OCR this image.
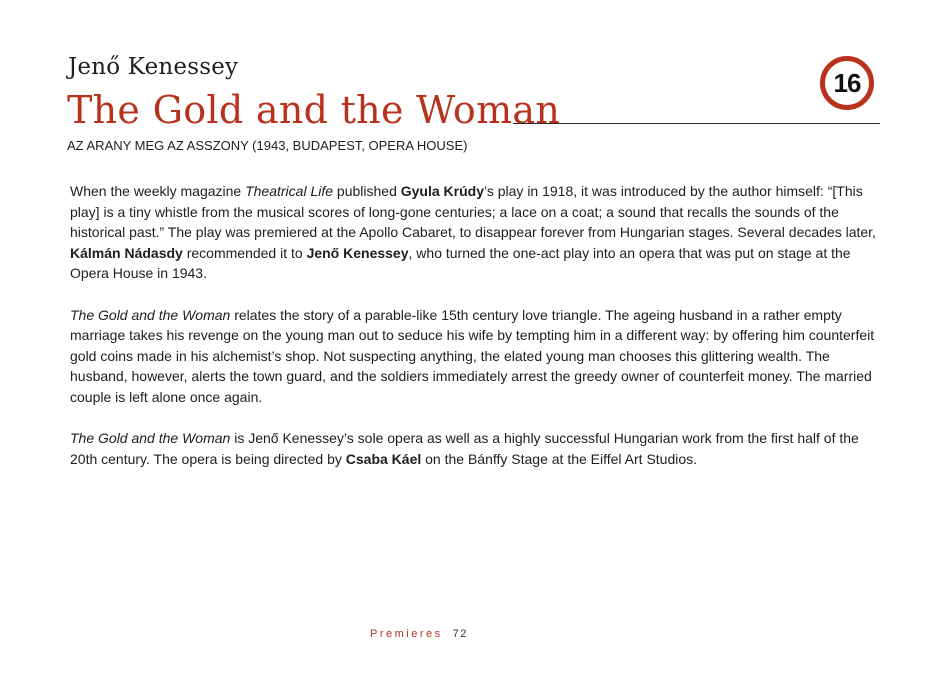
Jenő Kenessey
The Gold and the Woman
16
AZ ARANY MEG AZ ASSZONY (1943, BUDAPEST, OPERA HOUSE)

When the weekly magazine Theatrical Life published Gyula Krúdy’s play in 1918, it was introduced by the author himself: “[This play] is a tiny whistle from the musical scores of long-gone centuries; a lace on a coat; a sound that recalls the sounds of the historical past.” The play was premiered at the Apollo Cabaret, to disappear forever from Hungarian stages. Several decades later, Kálmán Nádasdy recommended it to Jenő Kenessey, who turned the one-act play into an opera that was put on stage at the Opera House in 1943.

The Gold and the Woman relates the story of a parable-like 15th century love triangle. The ageing husband in a rather empty marriage takes his revenge on the young man out to seduce his wife by tempting him in a different way: by offering him counterfeit gold coins made in his alchemist’s shop. Not suspecting anything, the elated young man chooses this glittering wealth. The husband, however, alerts the town guard, and the soldiers immediately arrest the greedy owner of counterfeit money. The married couple is left alone once again.

The Gold and the Woman is Jenő Kenessey’s sole opera as well as a highly successful Hungarian work from the first half of the 20th century. The opera is being directed by Csaba Káel on the Bánffy Stage at the Eiffel Art Studios.

Premieres 72
